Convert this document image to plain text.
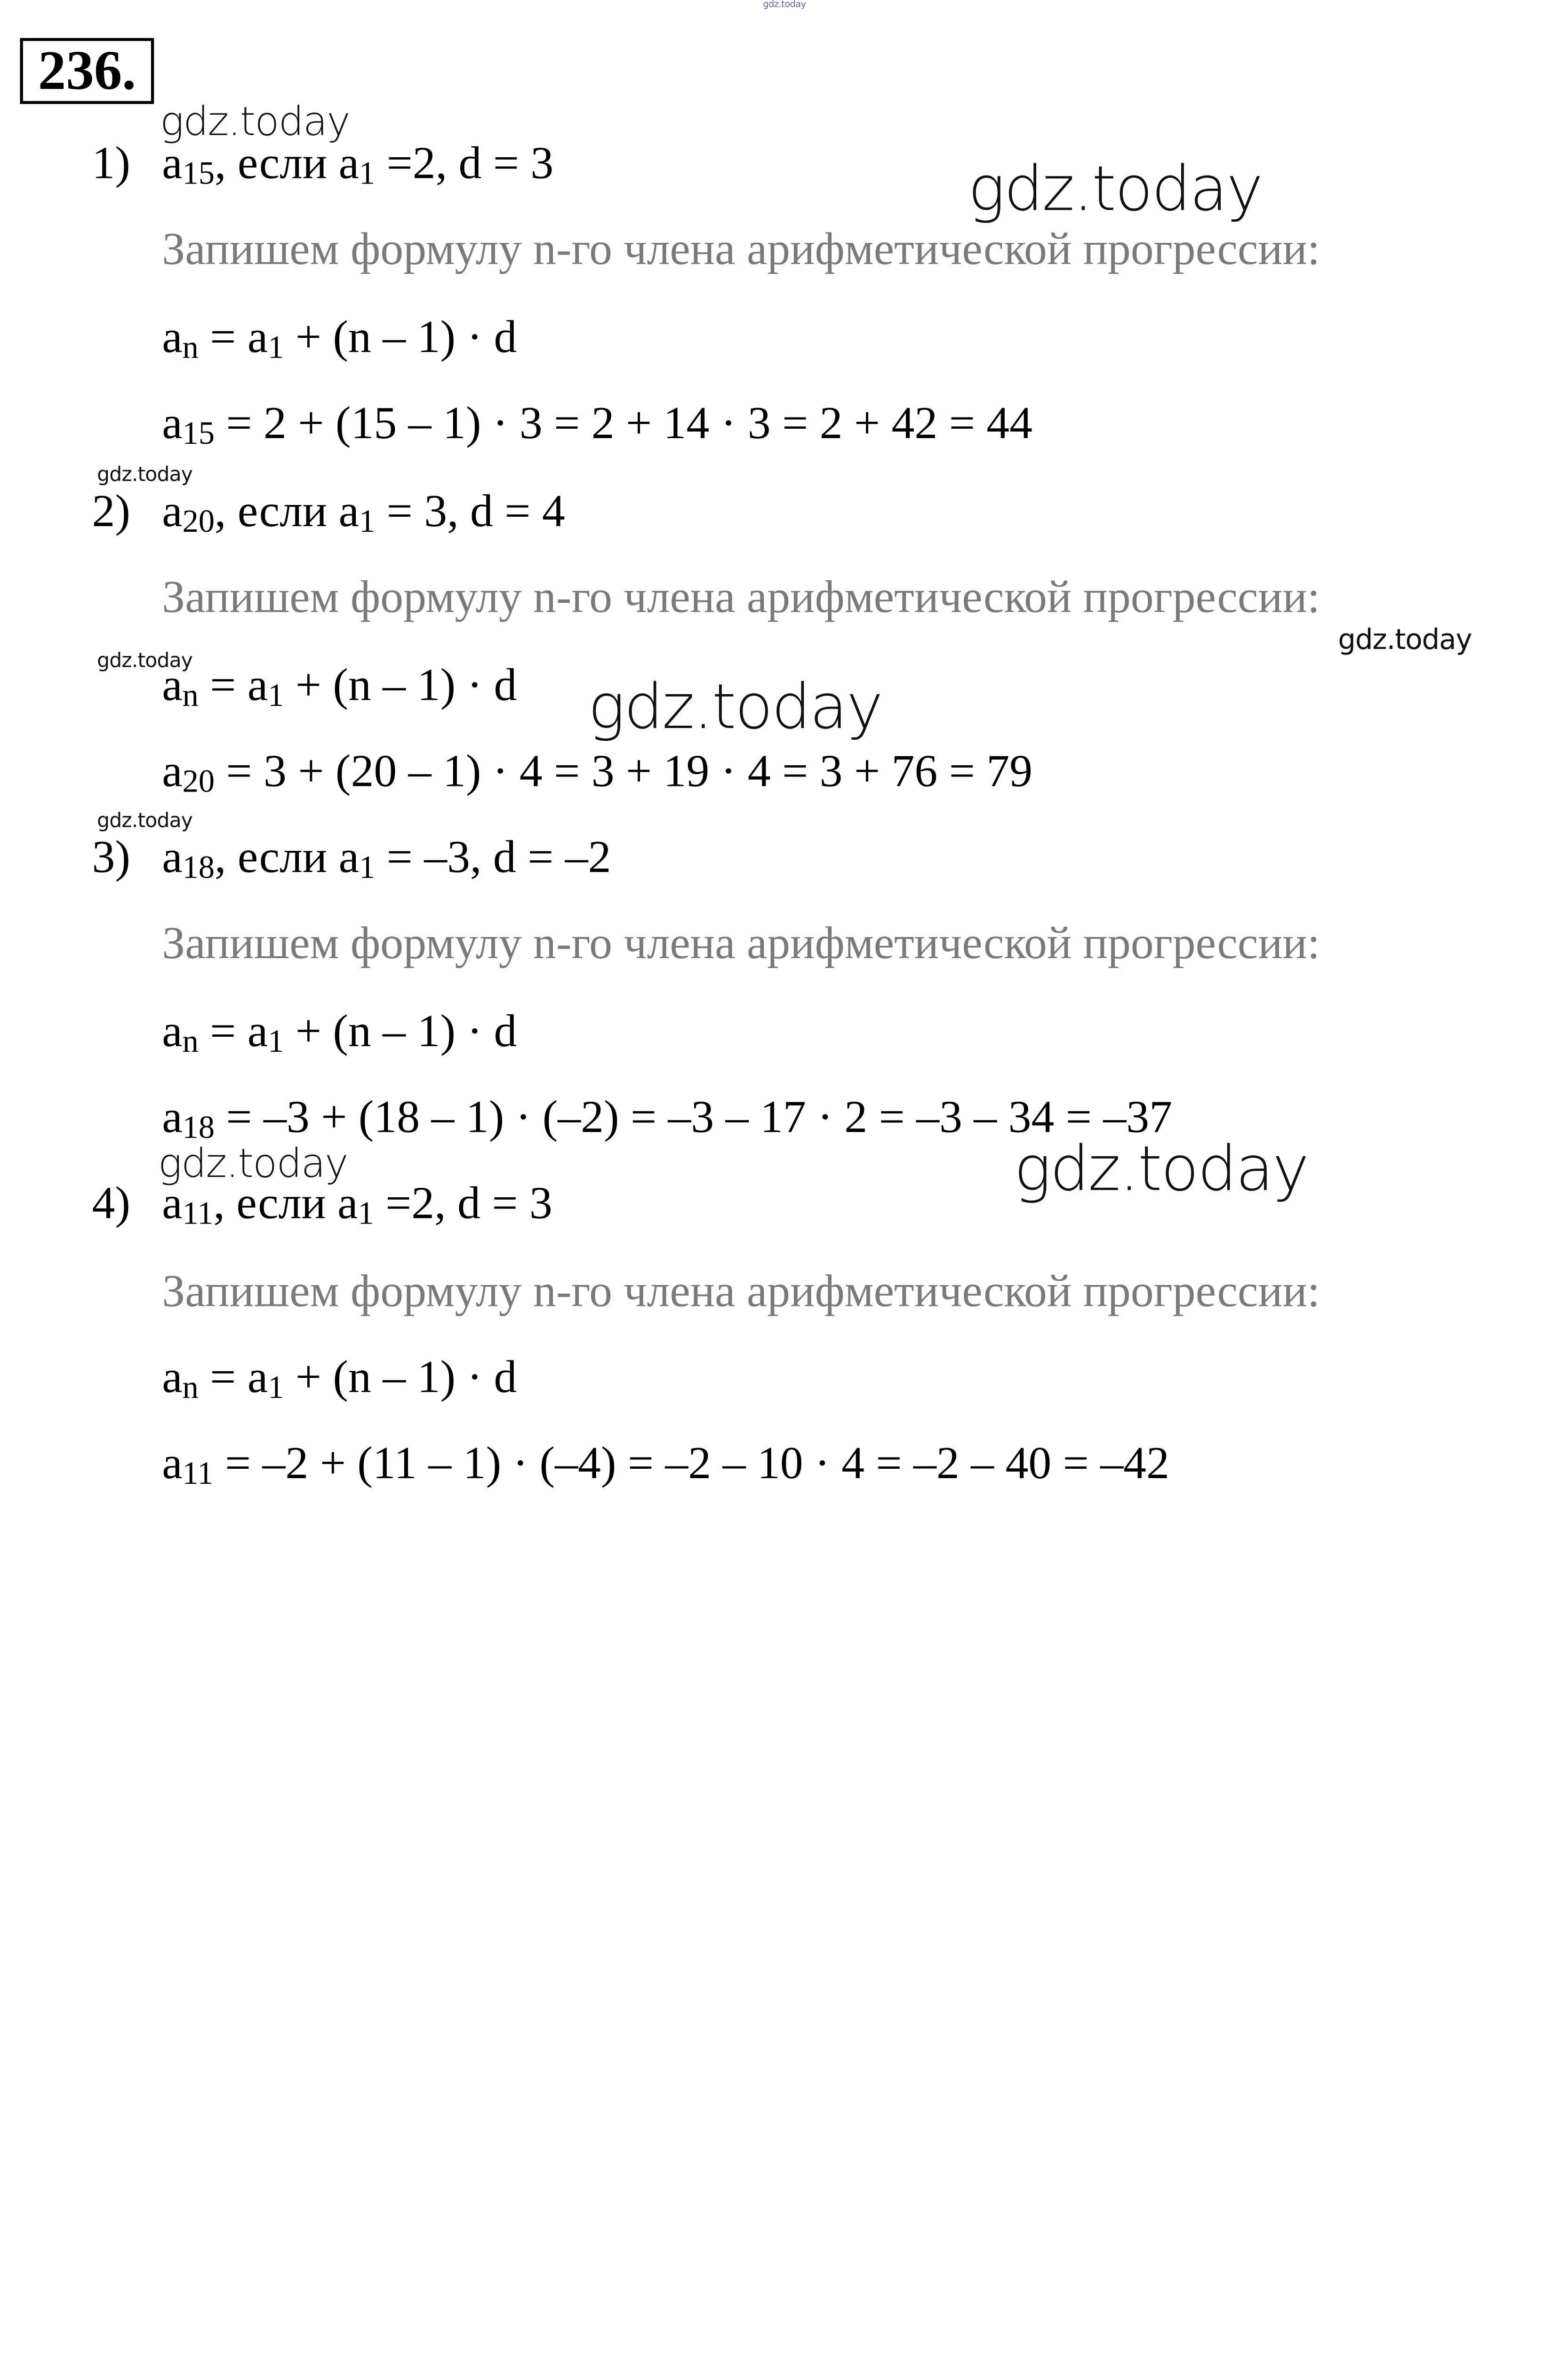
gdz.today
236.
gdz.today
1) a15, если a1 =2, d = 3	gdz.today
Запишем формулу n-го члена арифметической прогрессии:
an = a1 + (n – 1) · d
a15 = 2 + (15 – 1) · 3 = 2 + 14 · 3 = 2 + 42 = 44
gdz.today
2) a20, если a1 = 3, d = 4
Запишем формулу n-го члена арифметической прогрессии:
gdz.today
gdz.today
an = a1 + (n – 1) · d gdz.today
a20 = 3 + (20 – 1) · 4 = 3 + 19 · 4 = 3 + 76 = 79
gdz.today
3) a18, если a1 = –3, d = –2
Запишем формулу n-го члена арифметической прогрессии:
an = a1 + (n – 1) · d
a18 = –3 + (18 – 1) · (–2) = –3 – 17 · 2 = –3 – 34 = –37
gdz.today	gdz.today
4) a11, если a1 =2, d = 3
Запишем формулу n-го члена арифметической прогрессии:
an = a1 + (n – 1) · d
a11 = –2 + (11 – 1) · (–4) = –2 – 10 · 4 = –2 – 40 = –42
